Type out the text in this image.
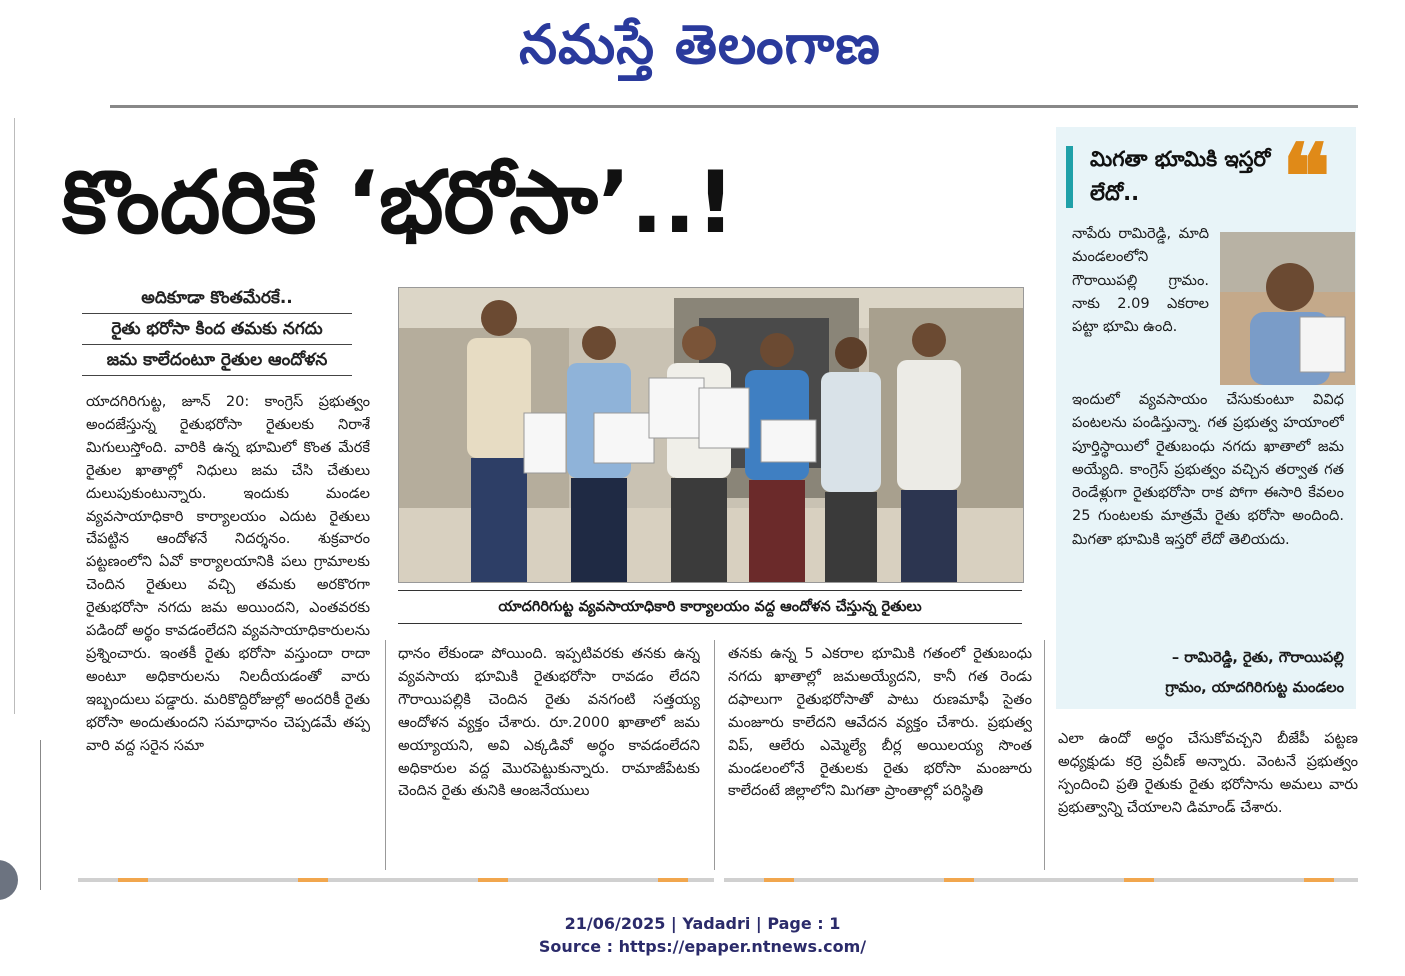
నమస్తే తెలంగాణ
కొందరికే ‘భరోసా’..!
అదికూడా కొంతమేరకే..
రైతు భరోసా కింద తమకు నగదు
జమ కాలేదంటూ రైతుల ఆందోళన
యాదగిరిగుట్ట, జూన్ 20: కాంగ్రెస్ ప్రభుత్వం అందజేస్తున్న రైతుభరోసా రైతులకు నిరాశే మిగులుస్తోంది. వారికి ఉన్న భూమిలో కొంత మేరకే రైతుల ఖాతాల్లో నిధులు జమ చేసి చేతులు దులుపుకుంటున్నారు. ఇందుకు మండల వ్యవసాయాధికారి కార్యాలయం ఎదుట రైతులు చేపట్టిన ఆందోళనే నిదర్శనం. శుక్రవారం పట్టణంలోని ఏవో కార్యాలయానికి పలు గ్రామాలకు చెందిన రైతులు వచ్చి తమకు అరకొరగా రైతుభరోసా నగదు జమ అయిందని, ఎంతవరకు పడిందో అర్థం కావడంలేదని వ్యవసాయాధికారులను ప్రశ్నించారు. ఇంతకీ రైతు భరోసా వస్తుందా రాదా అంటూ అధికారులను నిలదీయడంతో వారు ఇబ్బందులు పడ్డారు. మరికొద్దిరోజుల్లో అందరికీ రైతు భరోసా అందుతుందని సమాధానం చెప్పడమే తప్ప వారి వద్ద సరైన సమా
యాదగిరిగుట్ట వ్యవసాయాధికారి కార్యాలయం వద్ద ఆందోళన చేస్తున్న రైతులు
ధానం లేకుండా పోయింది. ఇప్పటివరకు తనకు ఉన్న వ్యవసాయ భూమికి రైతుభరోసా రావడం లేదని గౌరాయిపల్లికి చెందిన రైతు వనగంటి సత్తయ్య ఆందోళన వ్యక్తం చేశారు. రూ.2000 ఖాతాలో జమ అయ్యాయని, అవి ఎక్కడివో అర్థం కావడంలేదని అధికారుల వద్ద మొరపెట్టుకున్నారు. రామాజీపేటకు చెందిన రైతు తునికి ఆంజనేయులు
తనకు ఉన్న 5 ఎకరాల భూమికి గతంలో రైతుబంధు నగదు ఖాతాల్లో జమఅయ్యేదని, కానీ గత రెండు దఫాలుగా రైతుభరోసాతో పాటు రుణమాఫీ సైతం మంజూరు కాలేదని ఆవేదన వ్యక్తం చేశారు. ప్రభుత్వ విప్, ఆలేరు ఎమ్మెల్యే బీర్ల అయిలయ్య సొంత మండలంలోనే రైతులకు రైతు భరోసా మంజూరు కాలేదంటే జిల్లాలోని మిగతా ప్రాంతాల్లో పరిస్థితి
మిగతా భూమికి ఇస్తరో లేదో..	❝
నాపేరు రామిరెడ్డి, మాది మండలంలోని గౌరాయిపల్లి గ్రామం. నాకు 2.09 ఎకరాల పట్టా భూమి ఉంది.
ఇందులో వ్యవసాయం చేసుకుంటూ వివిధ పంటలను పండిస్తున్నా. గత ప్రభుత్వ హయాంలో పూర్తిస్థాయిలో రైతుబంధు నగదు ఖాతాలో జమ అయ్యేది. కాంగ్రెస్ ప్రభుత్వం వచ్చిన తర్వాత గత రెండేళ్లుగా రైతుభరోసా రాక పోగా ఈసారి కేవలం 25 గుంటలకు మాత్రమే రైతు భరోసా అందింది. మిగతా భూమికి ఇస్తరో లేదో తెలియదు.
– రామిరెడ్డి, రైతు, గౌరాయిపల్లి
గ్రామం, యాదగిరిగుట్ట మండలం
ఎలా ఉందో అర్థం చేసుకోవచ్చని బీజేపీ పట్టణ అధ్యక్షుడు కర్రె ప్రవీణ్ అన్నారు. వెంటనే ప్రభుత్వం స్పందించి ప్రతి రైతుకు రైతు భరోసాను అమలు వారు ప్రభుత్వాన్ని చేయాలని డిమాండ్ చేశారు.
21/06/2025 | Yadadri | Page : 1
Source : https://epaper.ntnews.com/
